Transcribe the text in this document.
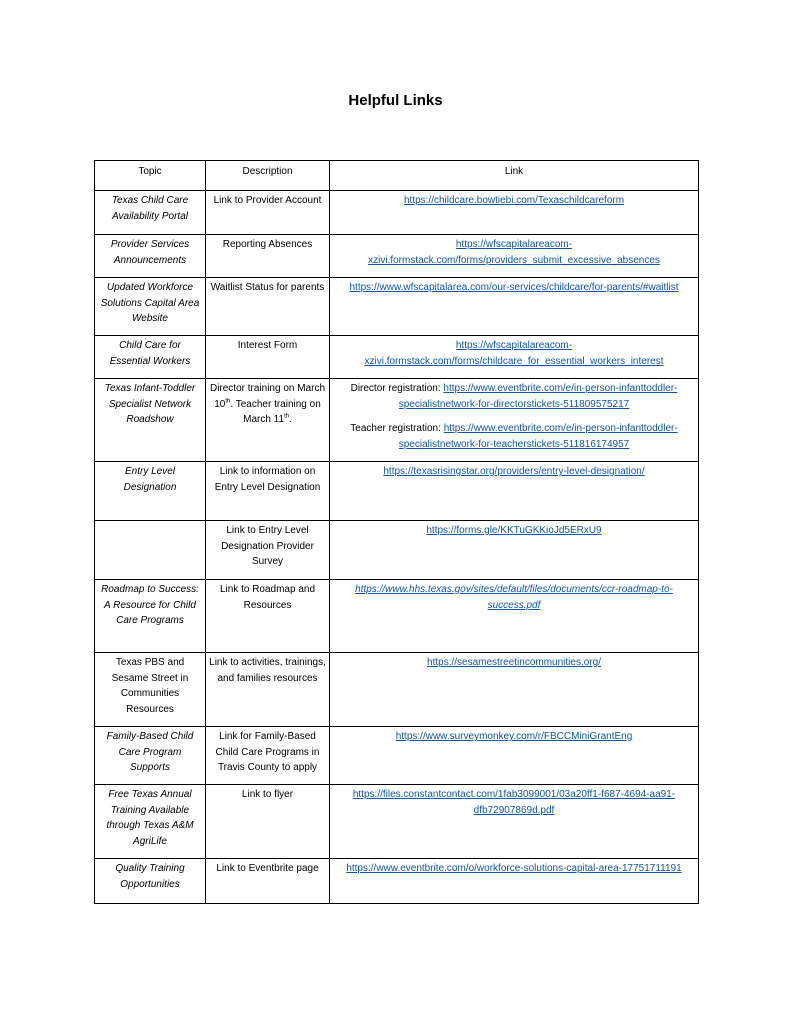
Helpful Links
Topic	Description	Link
Texas Child Care Availability Portal	Link to Provider Account	https://childcare.bowtiebi.com/Texaschildcareform
Provider Services Announcements	Reporting Absences	https://wfscapitalareacom-xzivi.formstack.com/forms/providers_submit_excessive_absences
Updated Workforce Solutions Capital Area Website	Waitlist Status for parents	https://www.wfscapitalarea.com/our-services/childcare/for-parents/#waitlist
Child Care for Essential Workers	Interest Form	https://wfscapitalareacom-xzivi.formstack.com/forms/childcare_for_essential_workers_interest
Texas Infant-Toddler Specialist Network Roadshow	Director training on March 10th. Teacher training on March 11th.	Director registration: https://www.eventbrite.com/e/in-person-infanttoddler-specialistnetwork-for-directorstickets-511809575217

Teacher registration: https://www.eventbrite.com/e/in-person-infanttoddler-specialistnetwork-for-teacherstickets-511816174957

Entry Level Designation	Link to information on Entry Level Designation	https://texasrisingstar.org/providers/entry-level-designation/
	Link to Entry Level Designation Provider Survey	https://forms.gle/KKTuGKKioJd5ERxU9
Roadmap to Success: A Resource for Child Care Programs	Link to Roadmap and Resources	https://www.hhs.texas.gov/sites/default/files/documents/ccr-roadmap-to-success.pdf
Texas PBS and Sesame Street in Communities Resources	Link to activities, trainings, and families resources	https://sesamestreetincommunities.org/
Family-Based Child Care Program Supports	Link for Family-Based Child Care Programs in Travis County to apply	https://www.surveymonkey.com/r/FBCCMiniGrantEng
Free Texas Annual Training Available through Texas A&M AgriLife	Link to flyer	https://files.constantcontact.com/1fab3099001/03a20ff1-f687-4694-aa91-dfb72907869d.pdf
Quality Training Opportunities	Link to Eventbrite page	https://www.eventbrite.com/o/workforce-solutions-capital-area-17751711191
